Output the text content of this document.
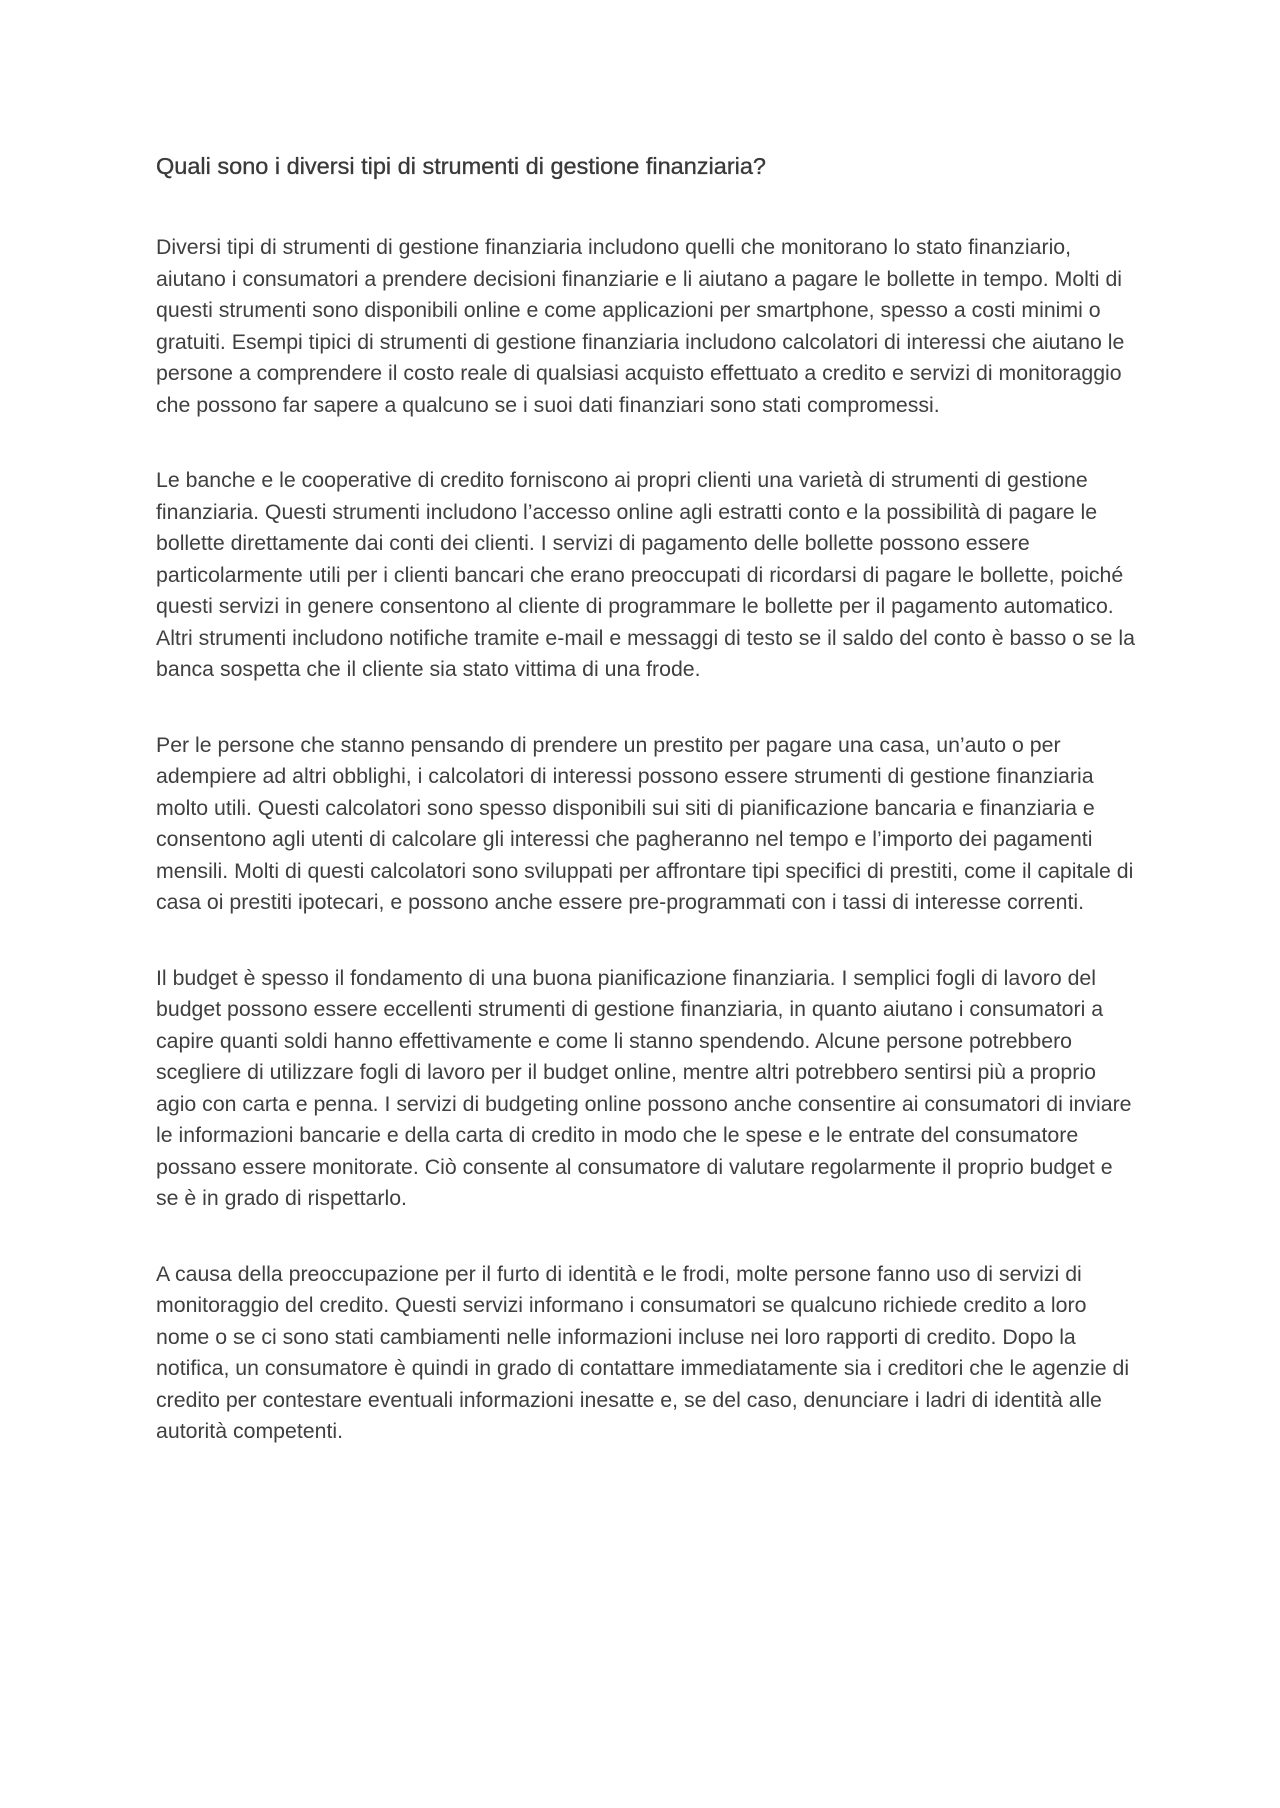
Quali sono i diversi tipi di strumenti di gestione finanziaria?

Diversi tipi di strumenti di gestione finanziaria includono quelli che monitorano lo stato finanziario, aiutano i consumatori a prendere decisioni finanziarie e li aiutano a pagare le bollette in tempo. Molti di questi strumenti sono disponibili online e come applicazioni per smartphone, spesso a costi minimi o gratuiti. Esempi tipici di strumenti di gestione finanziaria includono calcolatori di interessi che aiutano le persone a comprendere il costo reale di qualsiasi acquisto effettuato a credito e servizi di monitoraggio che possono far sapere a qualcuno se i suoi dati finanziari sono stati compromessi.

Le banche e le cooperative di credito forniscono ai propri clienti una varietà di strumenti di gestione finanziaria. Questi strumenti includono l’accesso online agli estratti conto e la possibilità di pagare le bollette direttamente dai conti dei clienti. I servizi di pagamento delle bollette possono essere particolarmente utili per i clienti bancari che erano preoccupati di ricordarsi di pagare le bollette, poiché questi servizi in genere consentono al cliente di programmare le bollette per il pagamento automatico. Altri strumenti includono notifiche tramite e-mail e messaggi di testo se il saldo del conto è basso o se la banca sospetta che il cliente sia stato vittima di una frode.

Per le persone che stanno pensando di prendere un prestito per pagare una casa, un’auto o per adempiere ad altri obblighi, i calcolatori di interessi possono essere strumenti di gestione finanziaria molto utili. Questi calcolatori sono spesso disponibili sui siti di pianificazione bancaria e finanziaria e consentono agli utenti di calcolare gli interessi che pagheranno nel tempo e l’importo dei pagamenti mensili. Molti di questi calcolatori sono sviluppati per affrontare tipi specifici di prestiti, come il capitale di casa oi prestiti ipotecari, e possono anche essere pre-programmati con i tassi di interesse correnti.

Il budget è spesso il fondamento di una buona pianificazione finanziaria. I semplici fogli di lavoro del budget possono essere eccellenti strumenti di gestione finanziaria, in quanto aiutano i consumatori a capire quanti soldi hanno effettivamente e come li stanno spendendo. Alcune persone potrebbero scegliere di utilizzare fogli di lavoro per il budget online, mentre altri potrebbero sentirsi più a proprio agio con carta e penna. I servizi di budgeting online possono anche consentire ai consumatori di inviare le informazioni bancarie e della carta di credito in modo che le spese e le entrate del consumatore possano essere monitorate. Ciò consente al consumatore di valutare regolarmente il proprio budget e se è in grado di rispettarlo.

A causa della preoccupazione per il furto di identità e le frodi, molte persone fanno uso di servizi di monitoraggio del credito. Questi servizi informano i consumatori se qualcuno richiede credito a loro nome o se ci sono stati cambiamenti nelle informazioni incluse nei loro rapporti di credito. Dopo la notifica, un consumatore è quindi in grado di contattare immediatamente sia i creditori che le agenzie di credito per contestare eventuali informazioni inesatte e, se del caso, denunciare i ladri di identità alle autorità competenti.
